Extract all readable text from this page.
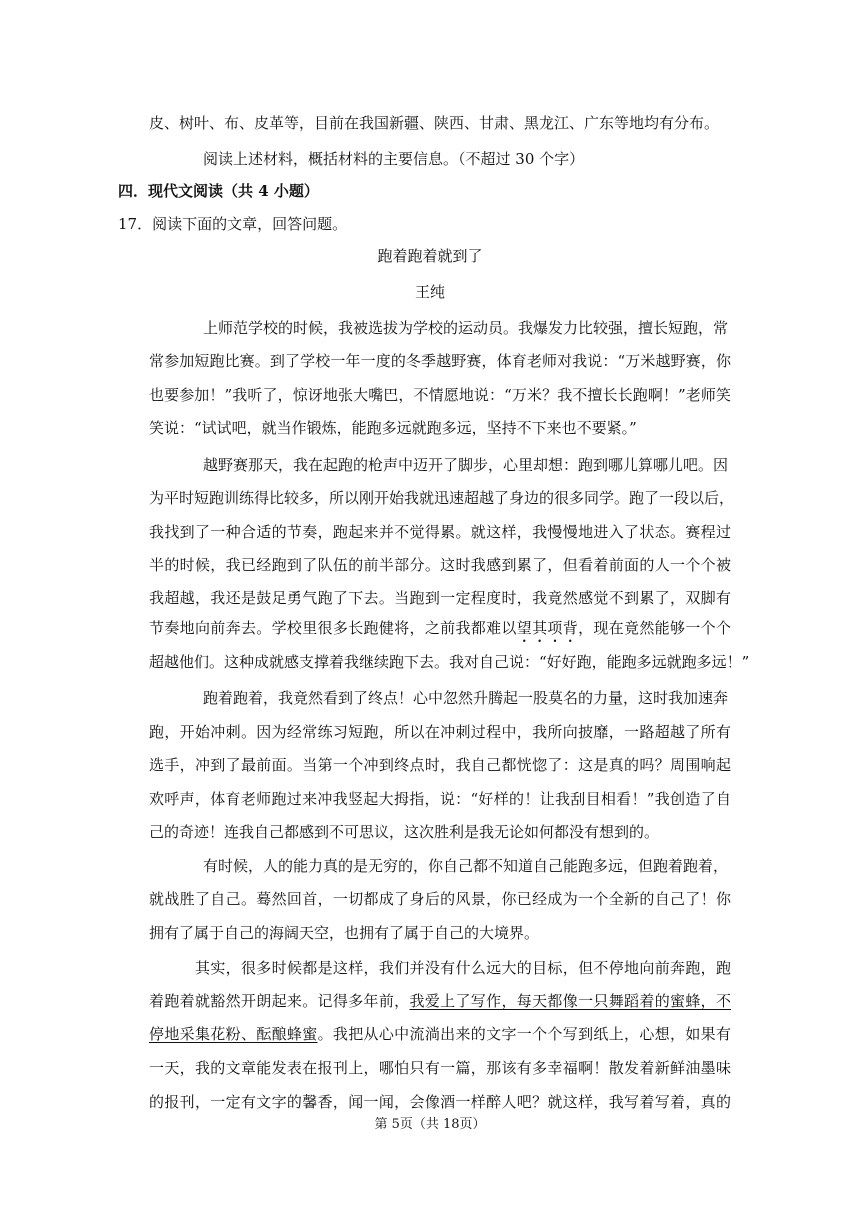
皮、树叶、布、皮革等，目前在我国新疆、陕西、甘肃、黑龙江、广东等地均有分布。
阅读上述材料，概括材料的主要信息。（不超过 30 个字）
四．现代文阅读（共 4 小题）
17．阅读下面的文章，回答问题。
跑着跑着就到了
王纯
上师范学校的时候，我被选拔为学校的运动员。我爆发力比较强，擅长短跑，常
常参加短跑比赛。到了学校一年一度的冬季越野赛，体育老师对我说：“万米越野赛，你
也要参加！”我听了，惊讶地张大嘴巴，不情愿地说：“万米？我不擅长长跑啊！”老师笑
笑说：“试试吧，就当作锻炼，能跑多远就跑多远，坚持不下来也不要紧。”
越野赛那天，我在起跑的枪声中迈开了脚步，心里却想：跑到哪儿算哪儿吧。因
为平时短跑训练得比较多，所以刚开始我就迅速超越了身边的很多同学。跑了一段以后，
我找到了一种合适的节奏，跑起来并不觉得累。就这样，我慢慢地进入了状态。赛程过
半的时候，我已经跑到了队伍的前半部分。这时我感到累了，但看着前面的人一个个被
我超越，我还是鼓足勇气跑了下去。当跑到一定程度时，我竟然感觉不到累了，双脚有
节奏地向前奔去。学校里很多长跑健将，之前我都难以望其项背，现在竟然能够一个个
超越他们。这种成就感支撑着我继续跑下去。我对自己说：“好好跑，能跑多远就跑多远！”
跑着跑着，我竟然看到了终点！心中忽然升腾起一股莫名的力量，这时我加速奔
跑，开始冲刺。因为经常练习短跑，所以在冲刺过程中，我所向披靡，一路超越了所有
选手，冲到了最前面。当第一个冲到终点时，我自己都恍惚了：这是真的吗？周围响起
欢呼声，体育老师跑过来冲我竖起大拇指，说：“好样的！让我刮目相看！”我创造了自
己的奇迹！连我自己都感到不可思议，这次胜利是我无论如何都没有想到的。
有时候，人的能力真的是无穷的，你自己都不知道自己能跑多远，但跑着跑着，
就战胜了自己。蓦然回首，一切都成了身后的风景，你已经成为一个全新的自己了！你
拥有了属于自己的海阔天空，也拥有了属于自己的大境界。
其实，很多时候都是这样，我们并没有什么远大的目标，但不停地向前奔跑，跑
着跑着就豁然开朗起来。记得多年前，我爱上了写作，每天都像一只舞蹈着的蜜蜂，不
停地采集花粉、酝酿蜂蜜。我把从心中流淌出来的文字一个个写到纸上，心想，如果有
一天，我的文章能发表在报刊上，哪怕只有一篇，那该有多幸福啊！散发着新鲜油墨味
的报刊，一定有文字的馨香，闻一闻，会像酒一样醉人吧？就这样，我写着写着，真的
第 5页（共 18页）
